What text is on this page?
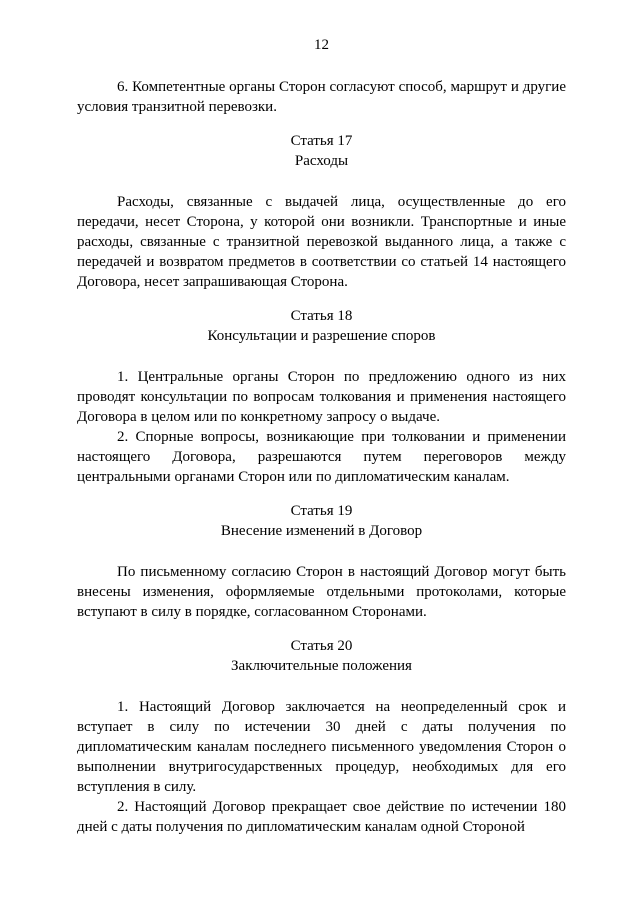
12

6. Компетентные органы Сторон согласуют способ, маршрут и другие условия транзитной перевозки.

Статья 17
Расходы

Расходы, связанные с выдачей лица, осуществленные до его передачи, несет Сторона, у которой они возникли. Транспортные и иные расходы, связанные с транзитной перевозкой выданного лица, а также с передачей и возвратом предметов в соответствии со статьей 14 настоящего Договора, несет запрашивающая Сторона.

Статья 18
Консультации и разрешение споров

1. Центральные органы Сторон по предложению одного из них проводят консультации по вопросам толкования и применения настоящего Договора в целом или по конкретному запросу о выдаче.

2. Спорные вопросы, возникающие при толковании и применении настоящего Договора, разрешаются путем переговоров между центральными органами Сторон или по дипломатическим каналам.

Статья 19
Внесение изменений в Договор

По письменному согласию Сторон в настоящий Договор могут быть внесены изменения, оформляемые отдельными протоколами, которые вступают в силу в порядке, согласованном Сторонами.

Статья 20
Заключительные положения

1. Настоящий Договор заключается на неопределенный срок и вступает в силу по истечении 30 дней с даты получения по дипломатическим каналам последнего письменного уведомления Сторон о выполнении внутригосударственных процедур, необходимых для его вступления в силу.

2. Настоящий Договор прекращает свое действие по истечении 180 дней с даты получения по дипломатическим каналам одной Стороной
